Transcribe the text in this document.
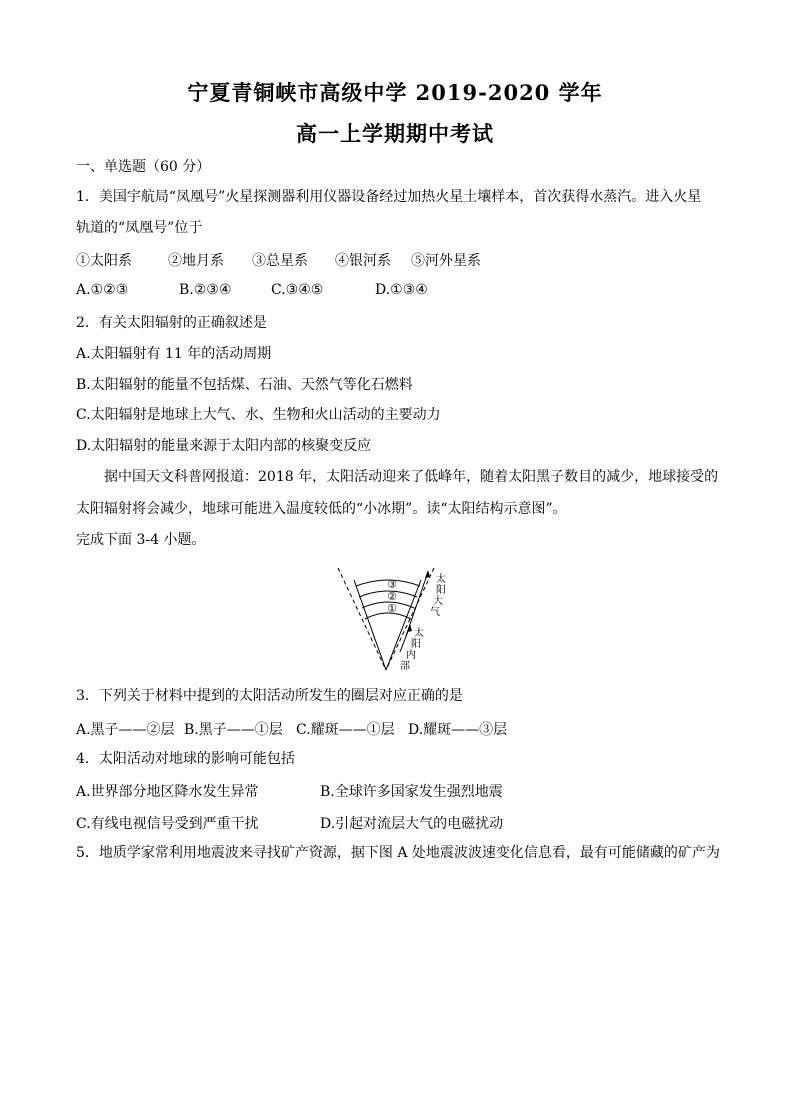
宁夏青铜峡市高级中学 2019-2020 学年
高一上学期期中考试
一、单选题（60 分）
1．美国宇航局“凤凰号”火星探测器利用仪器设备经过加热火星土壤样本，首次获得水蒸汽。进入火星
轨道的“凤凰号”位于
①太阳系	②地月系 ③总星系 ④银河系 ⑤河外星系
A.①②③	B.②③④	C.③④⑤	D.①③④
2．有关太阳辐射的正确叙述是
A.太阳辐射有 11 年的活动周期
B.太阳辐射的能量不包括煤、石油、天然气等化石燃料
C.太阳辐射是地球上大气、水、生物和火山活动的主要动力
D.太阳辐射的能量来源于太阳内部的核聚变反应
据中国天文科普网报道：2018 年，太阳活动迎来了低峰年，随着太阳黑子数目的减少，地球接受的
太阳辐射将会减少，地球可能进入温度较低的“小冰期”。读“太阳结构示意图”。
完成下面 3-4 小题。
③
②
①
太
阳
大
气
太
阳
内
部
3．下列关于材料中提到的太阳活动所发生的圈层对应正确的是
A.黑子——②层 B.黑子——①层 C.耀斑——①层 D.耀斑——③层
4．太阳活动对地球的影响可能包括
A.世界部分地区降水发生异常	B.全球许多国家发生强烈地震
C.有线电视信号受到严重干扰	D.引起对流层大气的电磁扰动
5．地质学家常利用地震波来寻找矿产资源，据下图 A 处地震波波速变化信息看，最有可能储藏的矿产为
